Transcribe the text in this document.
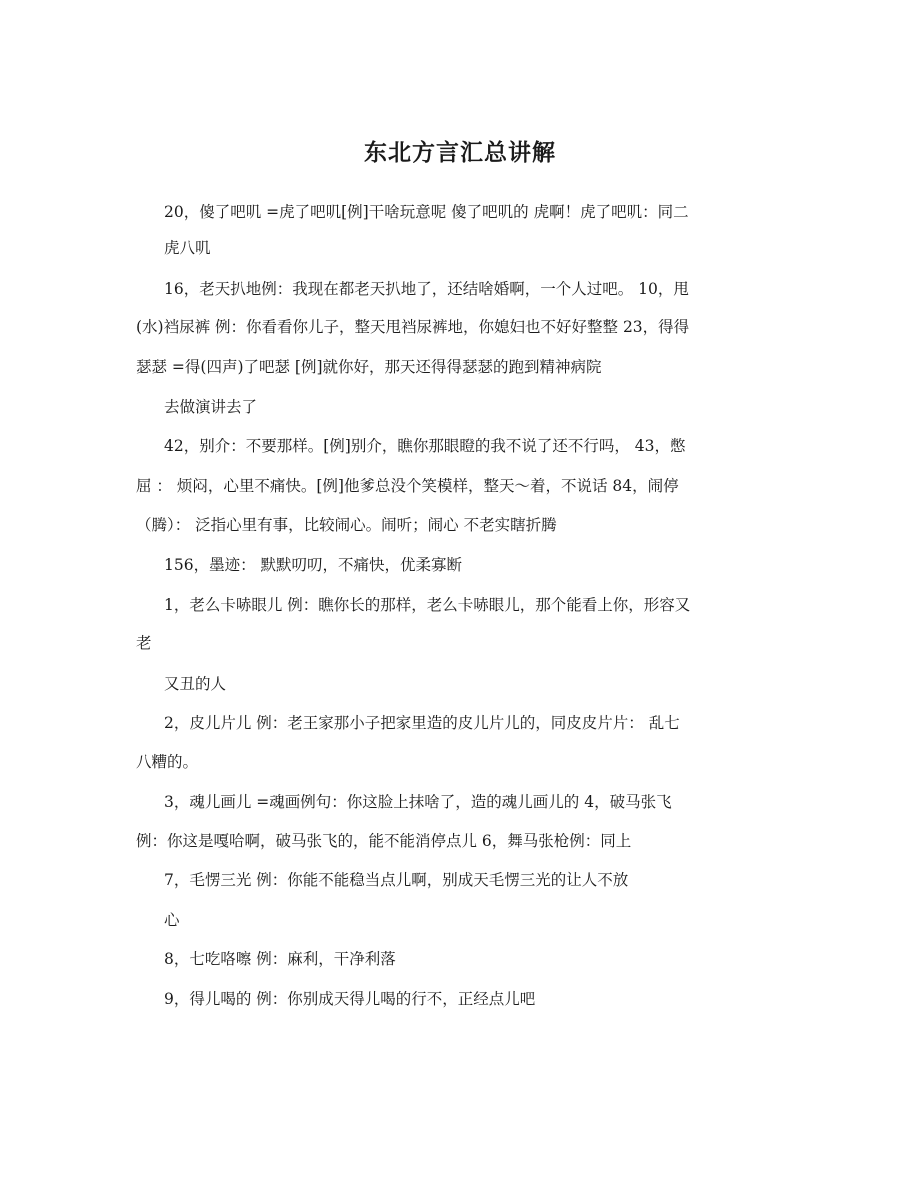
东北方言汇总讲解
20，傻了吧叽 =虎了吧叽[例]干啥玩意呢 傻了吧叽的 虎啊！虎了吧叽：同二
虎八叽
16，老天扒地例：我现在都老天扒地了，还结啥婚啊，一个人过吧。 10，甩
(水)裆尿裤 例：你看看你儿子，整天甩裆尿裤地，你媳妇也不好好整整 23，得得
瑟瑟 =得(四声)了吧瑟 [例]就你好，那天还得得瑟瑟的跑到精神病院
去做演讲去了
42，别介：不要那样。[例]别介，瞧你那眼瞪的我不说了还不行吗， 43，憋
屈 ： 烦闷，心里不痛快。[例]他爹总没个笑模样，整天～着，不说话 84，闹停
（腾）： 泛指心里有事，比较闹心。闹听；闹心 不老实瞎折腾
156，墨迹： 默默叨叨，不痛快，优柔寡断
1，老么卡哧眼儿 例：瞧你长的那样，老么卡哧眼儿，那个能看上你，形容又
老
又丑的人
2，皮儿片儿 例：老王家那小子把家里造的皮儿片儿的，同皮皮片片： 乱七
八糟的。
3，魂儿画儿 =魂画例句：你这脸上抹啥了，造的魂儿画儿的 4，破马张飞
例：你这是嘎哈啊，破马张飞的，能不能消停点儿 6，舞马张枪例：同上
7，毛愣三光 例：你能不能稳当点儿啊，别成天毛愣三光的让人不放
心
8，七吃咯嚓 例：麻利，干净利落
9，得儿喝的 例：你别成天得儿喝的行不，正经点儿吧
